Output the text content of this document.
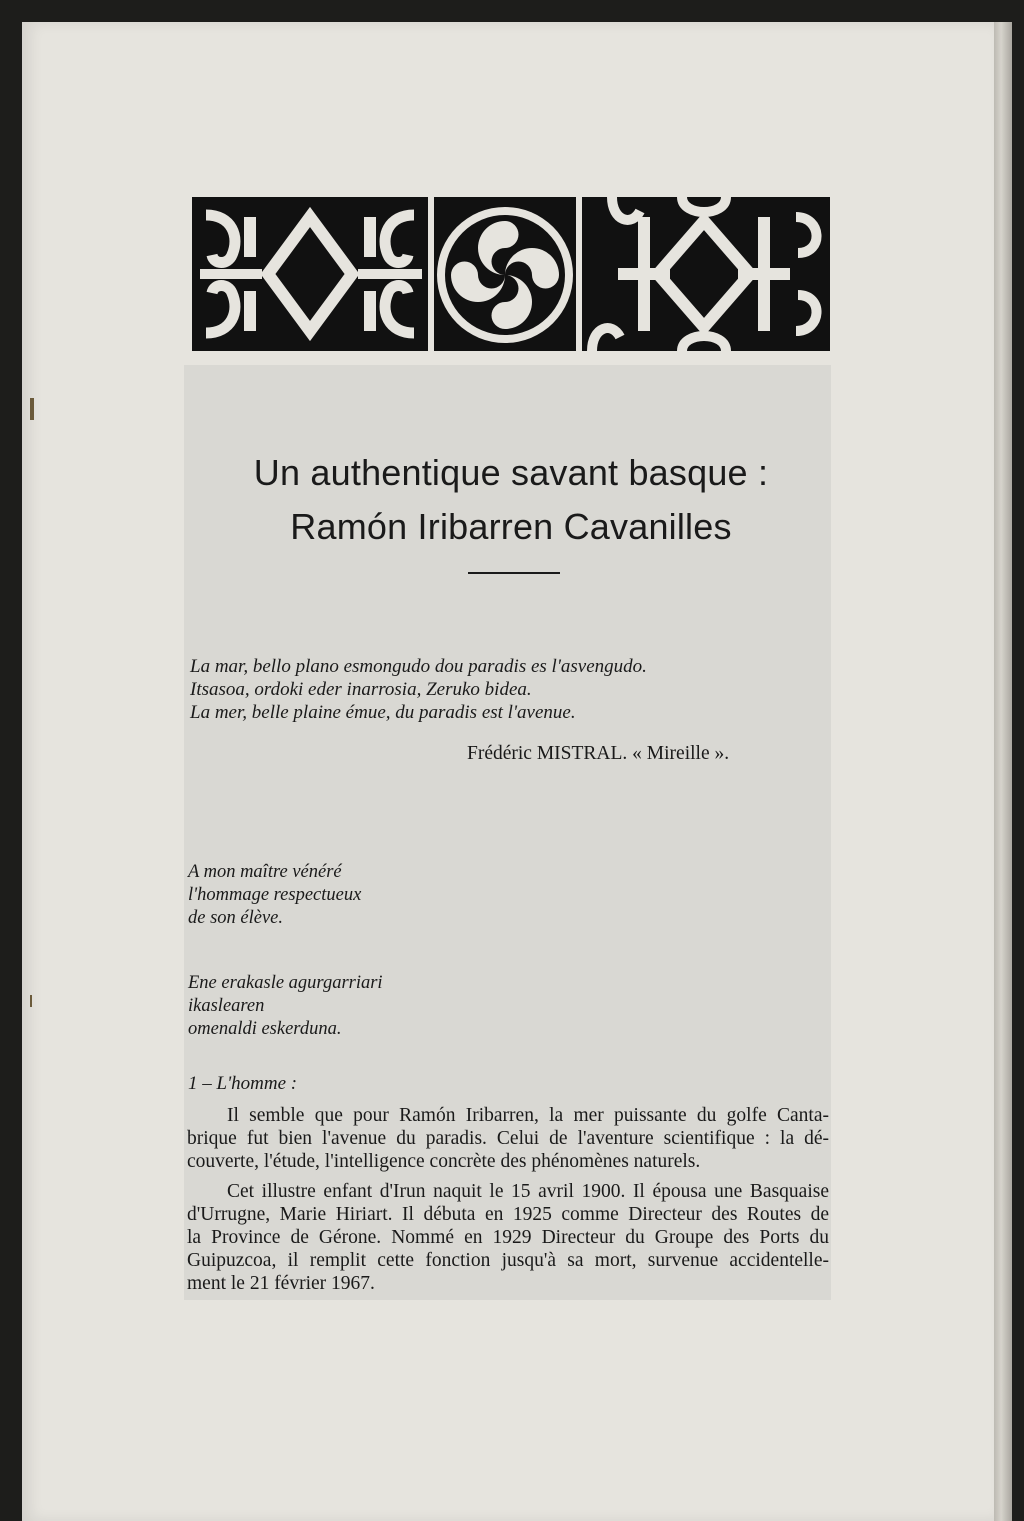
Un authentique savant basque :
Ramón Iribarren Cavanilles
La mar, bello plano esmongudo dou paradis es l'asvengudo.
Itsasoa, ordoki eder inarrosia, Zeruko bidea.
La mer, belle plaine émue, du paradis est l'avenue.
Frédéric MISTRAL. « Mireille ».
A mon maître vénéré
l'hommage respectueux
de son élève.
Ene erakasle agurgarriari
ikaslearen
omenaldi eskerduna.
1 – L'homme :
Il semble que pour Ramón Iribarren, la mer puissante du golfe Canta-
brique fut bien l'avenue du paradis. Celui de l'aventure scientifique : la dé-
couverte, l'étude, l'intelligence concrète des phénomènes naturels.
Cet illustre enfant d'Irun naquit le 15 avril 1900. Il épousa une Basquaise
d'Urrugne, Marie Hiriart. Il débuta en 1925 comme Directeur des Routes de
la Province de Gérone. Nommé en 1929 Directeur du Groupe des Ports du
Guipuzcoa, il remplit cette fonction jusqu'à sa mort, survenue accidentelle-
ment le 21 février 1967.
